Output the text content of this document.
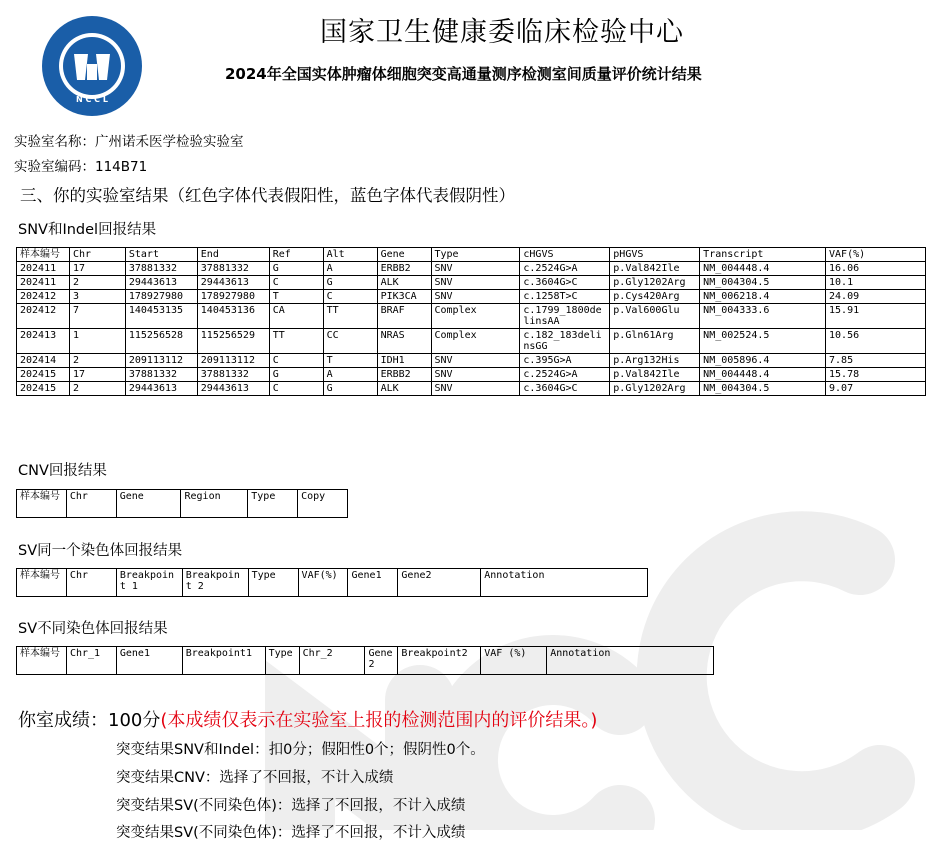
N C C L
国家卫生健康委临床检验中心
2024年全国实体肿瘤体细胞突变高通量测序检测室间质量评价统计结果
实验室名称：广州诺禾医学检验实验室
实验室编码：114B71
三、你的实验室结果（红色字体代表假阳性，蓝色字体代表假阴性）
SNV和Indel回报结果
样本编号	Chr	Start	End	Ref	Alt	Gene	Type	cHGVS	pHGVS	Transcript	VAF(%)
202411	17	37881332	37881332	G	A	ERBB2	SNV	c.2524G>A	p.Val842Ile	NM_004448.4	16.06
202411	2	29443613	29443613	C	G	ALK	SNV	c.3604G>C	p.Gly1202Arg	NM_004304.5	10.1
202412	3	178927980	178927980	T	C	PIK3CA	SNV	c.1258T>C	p.Cys420Arg	NM_006218.4	24.09
202412	7	140453135	140453136	CA	TT	BRAF	Complex	c.1799_1800delinsAA	p.Val600Glu	NM_004333.6	15.91
202413	1	115256528	115256529	TT	CC	NRAS	Complex	c.182_183delinsGG	p.Gln61Arg	NM_002524.5	10.56
202414	2	209113112	209113112	C	T	IDH1	SNV	c.395G>A	p.Arg132His	NM_005896.4	7.85
202415	17	37881332	37881332	G	A	ERBB2	SNV	c.2524G>A	p.Val842Ile	NM_004448.4	15.78
202415	2	29443613	29443613	C	G	ALK	SNV	c.3604G>C	p.Gly1202Arg	NM_004304.5	9.07
CNV回报结果
样本编号	Chr	Gene	Region	Type	Copy
SV同一个染色体回报结果
样本编号	Chr	Breakpoint 1	Breakpoint 2	Type	VAF(%)	Gene1	Gene2	Annotation
SV不同染色体回报结果
样本编号	Chr_1	Gene1	Breakpoint1	Type	Chr_2	Gene2	Breakpoint2	VAF (%)	Annotation
你室成绩：100分(本成绩仅表示在实验室上报的检测范围内的评价结果。)
突变结果SNV和Indel：扣0分；假阳性0个；假阴性0个。
突变结果CNV：选择了不回报，不计入成绩
突变结果SV(不同染色体)：选择了不回报，不计入成绩
突变结果SV(不同染色体)：选择了不回报，不计入成绩
